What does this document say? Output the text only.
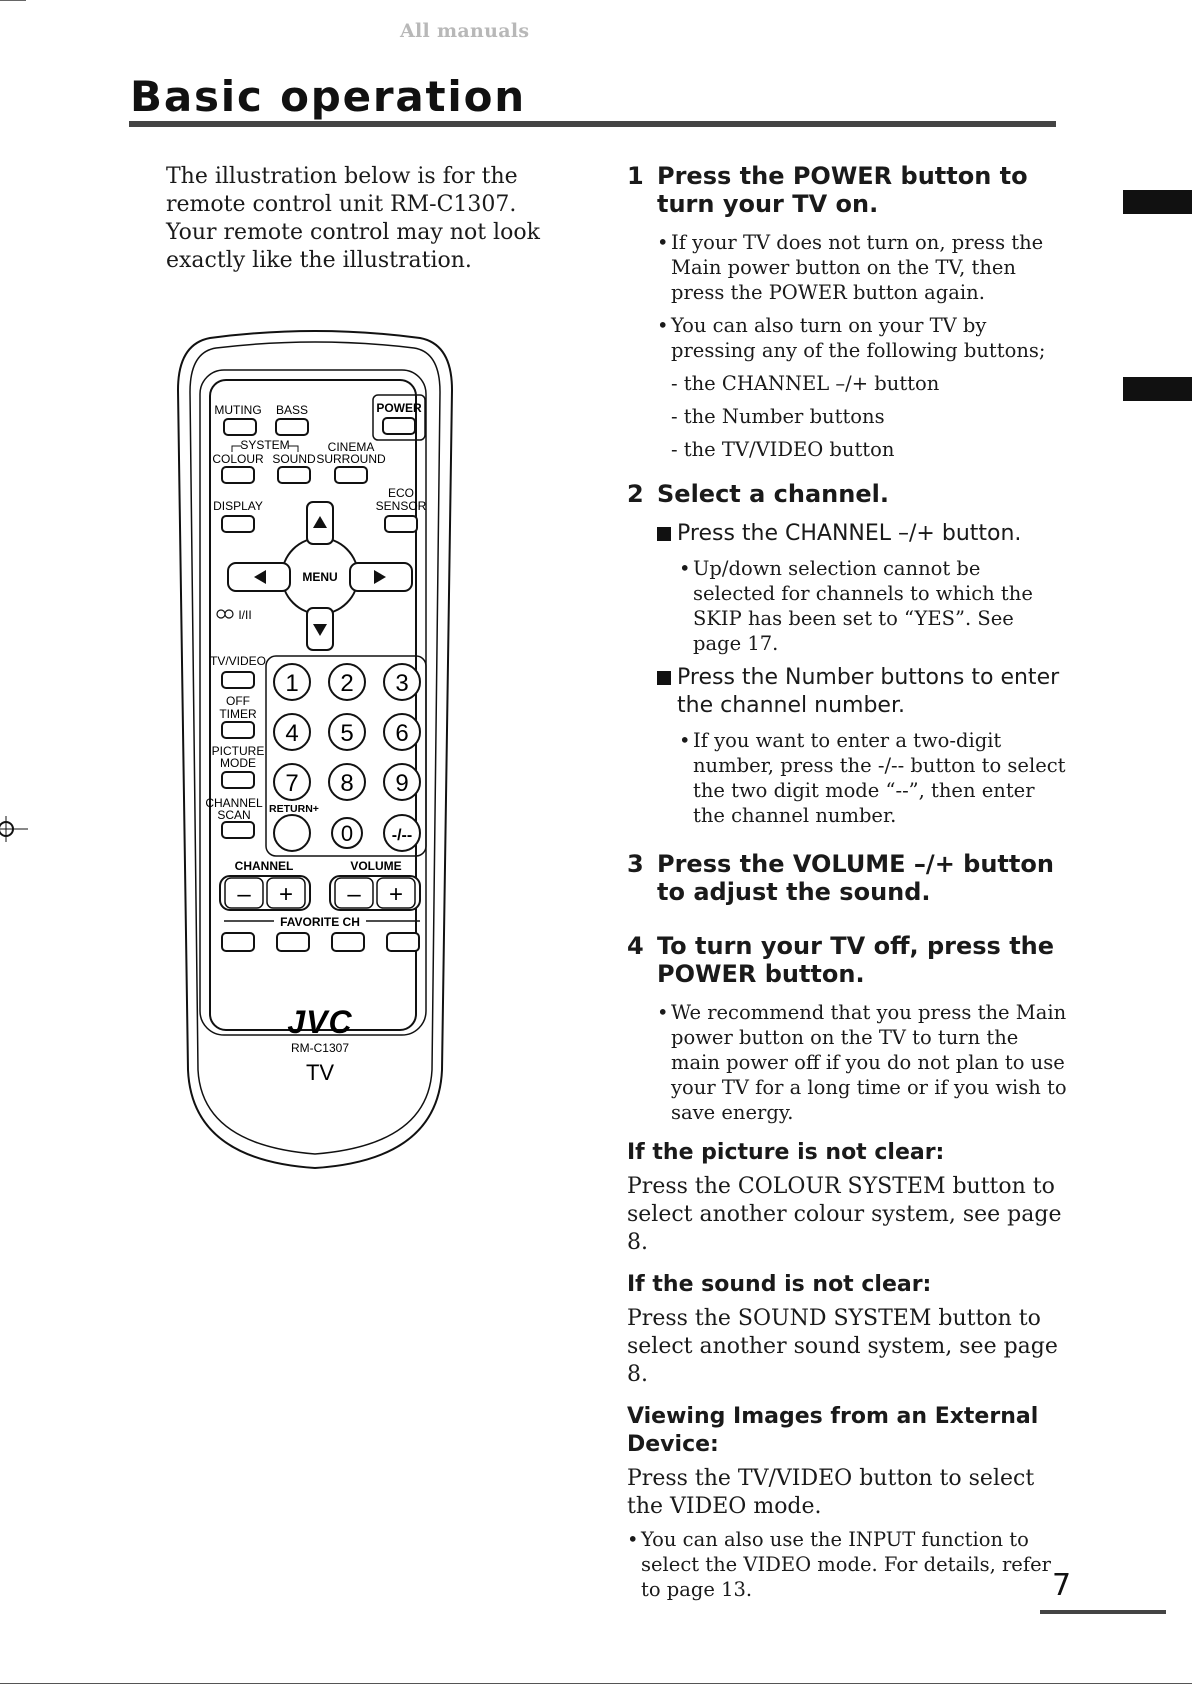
All manuals
Basic operation

The illustration below is for the remote control unit RM-C1307. Your remote control may not look exactly like the illustration.

MUTING BASS	POWER
SYSTEM
COLOUR SOUND
CINEMA
SURROUND
DISPLAY
ECO
SENSOR
MENU
I/II
TV/VIDEO
OFF
TIMER
PICTURE
MODE
CHANNEL
SCAN
1 2 3
4 5 6
7 8 9
RETURN+
0 -/--
CHANNEL	VOLUME
– + – +
FAVORITE CH
JVC
RM-C1307
TV
1 Press the POWER button to turn your TV on.
• If your TV does not turn on, press the Main power button on the TV, then press the POWER button again.
• You can also turn on your TV by pressing any of the following buttons;
- the CHANNEL –/+ button
- the Number buttons
- the TV/VIDEO button
2 Select a channel.
Press the CHANNEL –/+ button.
• Up/down selection cannot be selected for channels to which the SKIP has been set to “YES”. See page 17.
Press the Number buttons to enter the channel number.
• If you want to enter a two-digit number, press the -/-- button to select the two digit mode “--”, then enter the channel number.
3 Press the VOLUME –/+ button to adjust the sound.
4 To turn your TV off, press the POWER button.
• We recommend that you press the Main power button on the TV to turn the main power off if you do not plan to use your TV for a long time or if you wish to save energy.
If the picture is not clear:

Press the COLOUR SYSTEM button to select another colour system, see page 8.

If the sound is not clear:

Press the SOUND SYSTEM button to select another sound system, see page 8.

Viewing Images from an External Device:

Press the TV/VIDEO button to select the VIDEO mode.

• You can also use the INPUT function to select the VIDEO mode. For details, refer to page 13.	7
